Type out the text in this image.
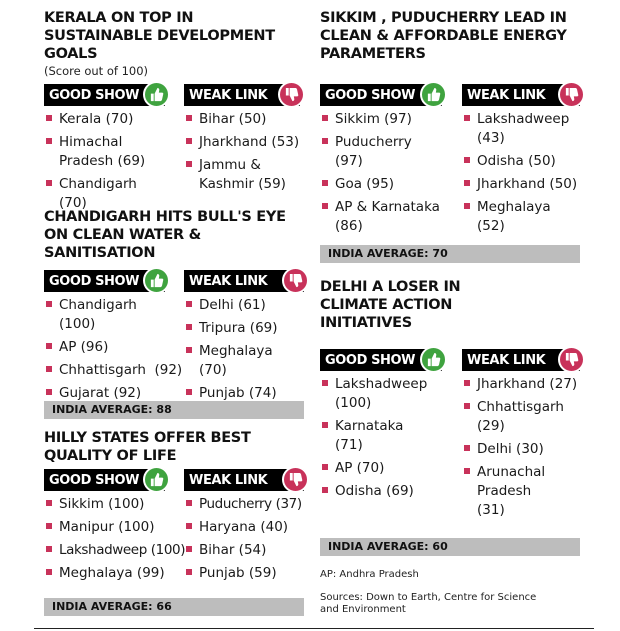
KERALA ON TOP IN SUSTAINABLE DEVELOPMENT GOALS
(Score out of 100)
GOOD SHOW
Kerala (70)
Himachal Pradesh (69)
Chandigarh (70)
WEAK LINK
Bihar (50)
Jharkhand (53)
Jammu & Kashmir (59)
CHANDIGARH HITS BULL'S EYE ON CLEAN WATER & SANITISATION
GOOD SHOW
Chandigarh (100)
AP (96)
Chhattisgarh  (92)
Gujarat (92)
WEAK LINK
Delhi (61)
Tripura (69)
Meghalaya (70)
Punjab (74)
INDIA AVERAGE: 88
HILLY STATES OFFER BEST QUALITY OF LIFE
GOOD SHOW
Sikkim (100)
Manipur (100)
Lakshadweep (100)
Meghalaya (99)
WEAK LINK
Puducherry (37)
Haryana (40)
Bihar (54)
Punjab (59)
INDIA AVERAGE: 66
SIKKIM , PUDUCHERRY LEAD IN CLEAN & AFFORDABLE ENERGY PARAMETERS
GOOD SHOW
Sikkim (97)
Puducherry (97)
Goa (95)
AP & Karnataka (86)
WEAK LINK
Lakshadweep (43)
Odisha (50)
Jharkhand (50)
Meghalaya (52)
INDIA AVERAGE: 70
DELHI A LOSER IN CLIMATE ACTION INITIATIVES
GOOD SHOW
Lakshadweep (100)
Karnataka (71)
AP (70)
Odisha (69)
WEAK LINK
Jharkhand (27)
Chhattisgarh (29)
Delhi (30)
Arunachal Pradesh (31)
INDIA AVERAGE: 60
AP: Andhra Pradesh
Sources: Down to Earth, Centre for Science and Environment
